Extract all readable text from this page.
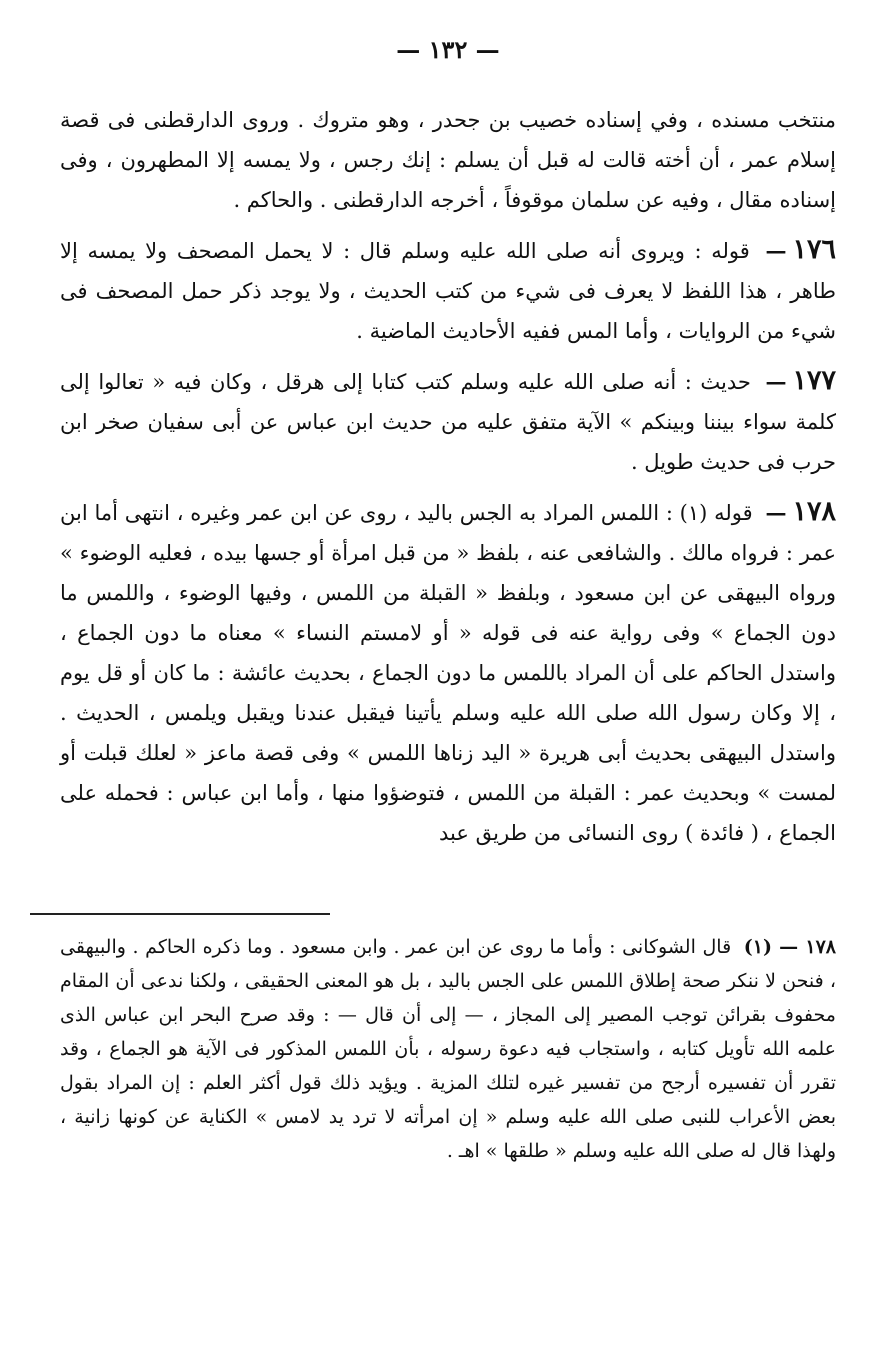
— ١٣٢ —

منتخب مسنده ، وفي إسناده خصيب بن جحدر ، وهو متروك . وروى الدارقطنى فى قصة إسلام عمر ، أن أخته قالت له قبل أن يسلم : إنك رجس ، ولا يمسه إلا المطهرون ، وفى إسناده مقال ، وفيه عن سلمان موقوفاً ، أخرجه الدارقطنى . والحاكم .

١٧٦— قوله : ويروى أنه صلى الله عليه وسلم قال : لا يحمل المصحف ولا يمسه إلا طاهر ، هذا اللفظ لا يعرف فى شيء من كتب الحديث ، ولا يوجد ذكر حمل المصحف فى شيء من الروايات ، وأما المس ففيه الأحاديث الماضية .

١٧٧— حديث : أنه صلى الله عليه وسلم كتب كتابا إلى هرقل ، وكان فيه « تعالوا إلى كلمة سواء بيننا وبينكم » الآية متفق عليه من حديث ابن عباس عن أبى سفيان صخر ابن حرب فى حديث طويل .

١٧٨— قوله (١) : اللمس المراد به الجس باليد ، روى عن ابن عمر وغيره ، انتهى أما ابن عمر : فرواه مالك . والشافعى عنه ، بلفظ « من قبل امرأة أو جسها بيده ، فعليه الوضوء » ورواه البيهقى عن ابن مسعود ، وبلفظ « القبلة من اللمس ، وفيها الوضوء ، واللمس ما دون الجماع » وفى رواية عنه فى قوله « أو لامستم النساء » معناه ما دون الجماع ، واستدل الحاكم على أن المراد باللمس ما دون الجماع ، بحديث عائشة : ما كان أو قل يوم ، إلا وكان رسول الله صلى الله عليه وسلم يأتينا فيقبل عندنا ويقبل ويلمس ، الحديث . واستدل البيهقى بحديث أبى هريرة « اليد زناها اللمس » وفى قصة ماعز « لعلك قبلت أو لمست » وبحديث عمر : القبلة من اللمس ، فتوضؤوا منها ، وأما ابن عباس : فحمله على الجماع ، ( فائدة ) روى النسائى من طريق عبد

١٧٨ — (١) قال الشوكانى : وأما ما روى عن ابن عمر . وابن مسعود . وما ذكره الحاكم . والبيهقى ، فنحن لا ننكر صحة إطلاق اللمس على الجس باليد ، بل هو المعنى الحقيقى ، ولكنا ندعى أن المقام محفوف بقرائن توجب المصير إلى المجاز ، — إلى أن قال — : وقد صرح البحر ابن عباس الذى علمه الله تأويل كتابه ، واستجاب فيه دعوة رسوله ، بأن اللمس المذكور فى الآية هو الجماع ، وقد تقرر أن تفسيره أرجح من تفسير غيره لتلك المزية . ويؤيد ذلك قول أكثر العلم : إن المراد بقول بعض الأعراب للنبى صلى الله عليه وسلم « إن امرأته لا ترد يد لامس » الكناية عن كونها زانية ، ولهذا قال له صلى الله عليه وسلم « طلقها » اهـ .
